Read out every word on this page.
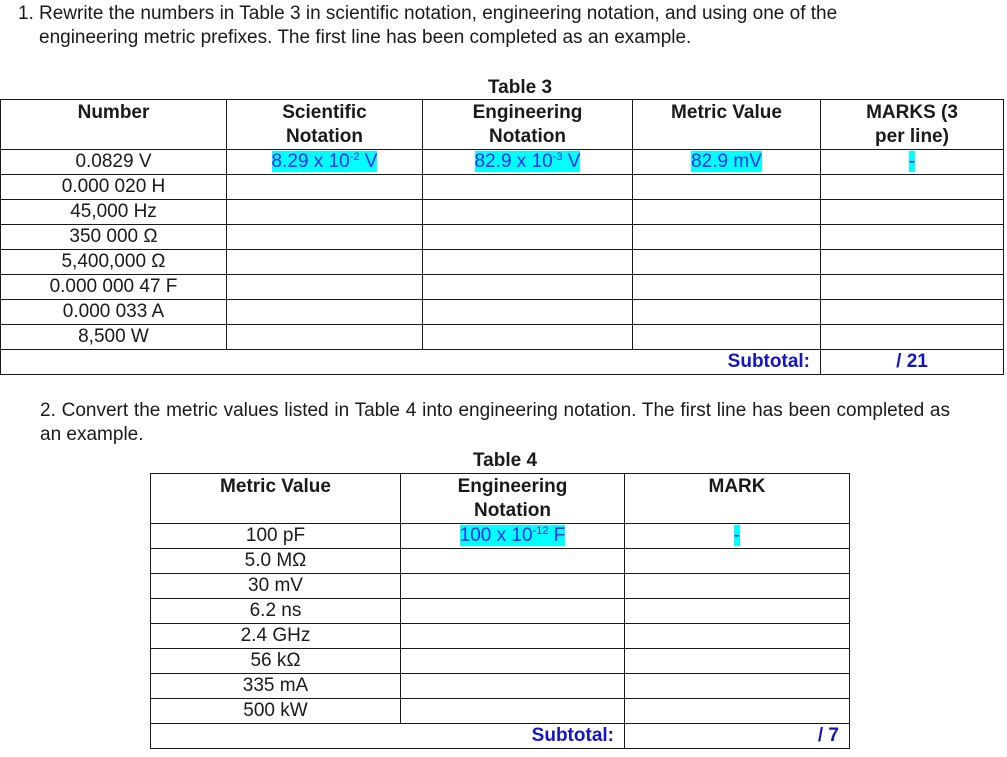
1. Rewrite the numbers in Table 3 in scientific notation, engineering notation, and using one of the
engineering metric prefixes. The first line has been completed as an example.
Table 3
Number	Scientific Notation	Engineering Notation	Metric Value	MARKS (3 per line)
0.0829 V	8.29 x $10^{-2}$ V	82.9 x $10^{-3}$ V	82.9 mV	-
0.000 020 H				
45,000 Hz				
350 000 Ω				
5,400,000 Ω				
0.000 000 47 F				
0.000 033 A				
8,500 W				
Subtotal:				/ 21

2. Convert the metric values listed in Table 4 into engineering notation. The first line has been completed as an example.

Table 4
Metric Value	Engineering Notation	MARK
100 pF	100 x $10^{-12}$ F	-
5.0 MΩ		
30 mV		
6.2 ns		
2.4 GHz		
56 kΩ		
335 mA		
500 kW		
Subtotal:		/ 7
